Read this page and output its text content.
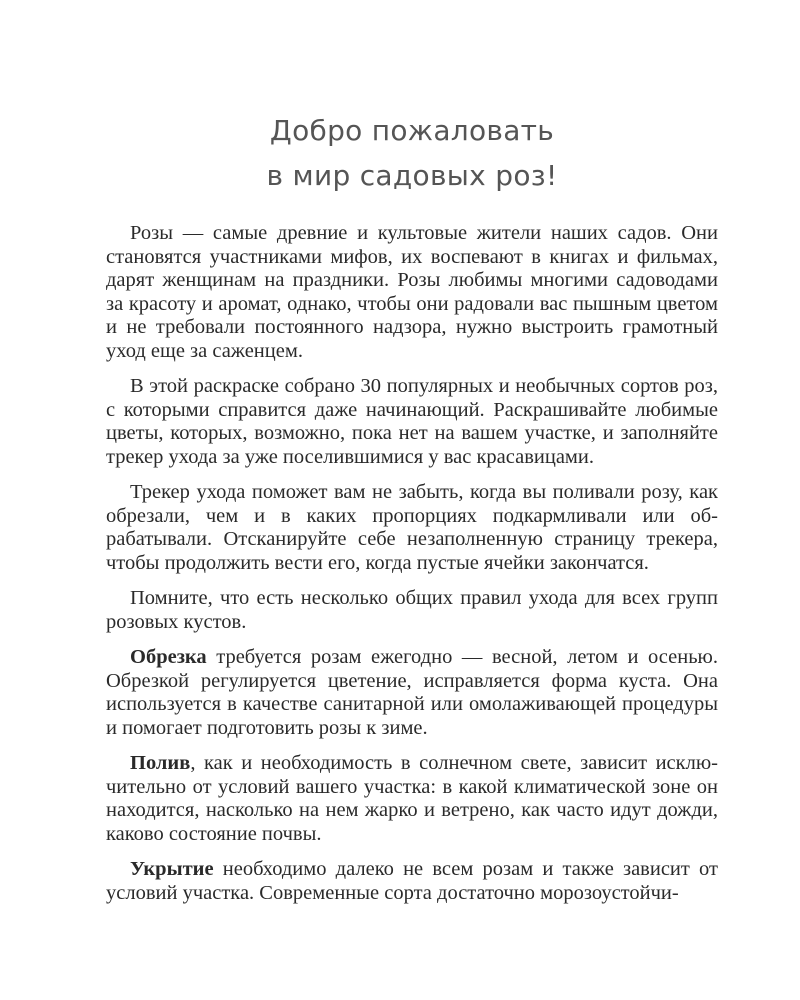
Добро пожаловать
в мир садовых роз!

Розы — самые древние и культовые жители наших садов. Они становятся участниками мифов, их воспевают в книгах и фильмах, дарят женщинам на праздники. Розы любимы многими садоводами за красоту и аромат, однако, чтобы они радовали вас пышным цветом и не требовали постоянного надзора, нужно выстроить грамотный уход еще за саженцем.

В этой раскраске собрано 30 популярных и необычных сортов роз, с которыми справится даже начинающий. Раскрашивайте любимые цветы, которых, возможно, пока нет на вашем участке, и заполняйте трекер ухода за уже поселившимися у вас красавицами.

Трекер ухода поможет вам не забыть, когда вы поливали розу, как обрезали, чем и в каких пропорциях подкармливали или обрабатывали. Отсканируйте себе незаполненную страницу трекера, чтобы продолжить вести его, когда пустые ячейки закончатся.

Помните, что есть несколько общих правил ухода для всех групп розовых кустов.

Обрезка требуется розам ежегодно — весной, летом и осенью. Обрезкой регулируется цветение, исправляется форма куста. Она используется в качестве санитарной или омолаживающей процедуры и помогает подготовить розы к зиме.

Полив, как и необходимость в солнечном свете, зависит исключительно от условий вашего участка: в какой климатической зоне он находится, насколько на нем жарко и ветрено, как часто идут дожди, каково состояние почвы.

Укрытие необходимо далеко не всем розам и также зависит от условий участка. Современные сорта достаточно морозоустойчи-
